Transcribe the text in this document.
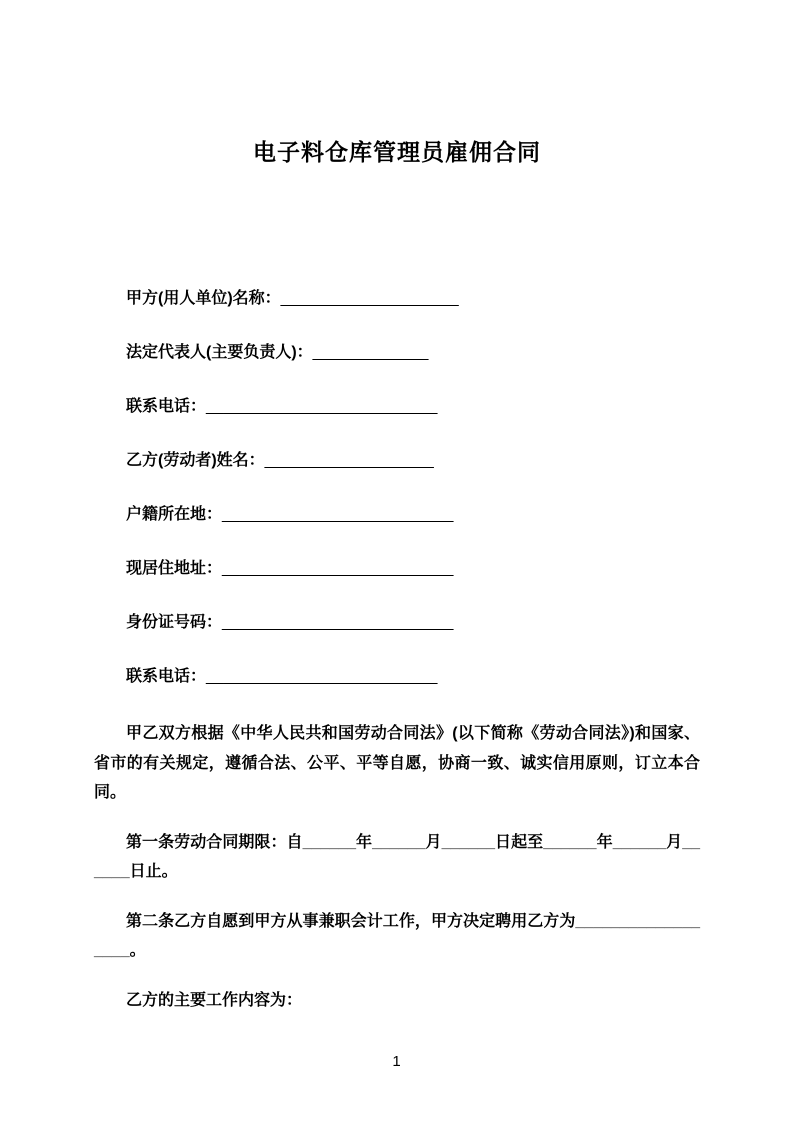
电子料仓库管理员雇佣合同
甲方(用人单位)名称：____________________
法定代表人(主要负责人)：_____________
联系电话：__________________________
乙方(劳动者)姓名：___________________
户籍所在地：__________________________
现居住地址：__________________________
身份证号码：__________________________
联系电话：__________________________

甲乙双方根据《中华人民共和国劳动合同法》(以下简称《劳动合同法》)和国家、省市的有关规定，遵循合法、公平、平等自愿，协商一致、诚实信用原则，订立本合同。

第一条劳动合同期限：自______年______月______日起至______年______月______日止。

第二条乙方自愿到甲方从事兼职会计工作，甲方决定聘用乙方为__________________。

乙方的主要工作内容为：

1
